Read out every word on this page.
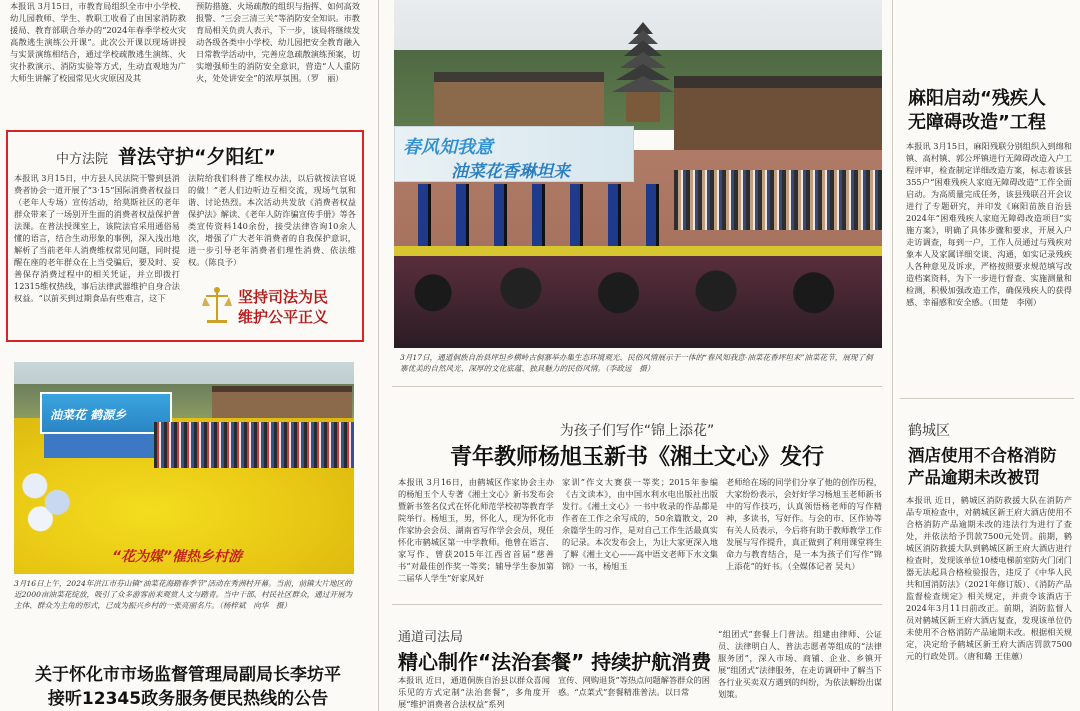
本报讯 3月15日，市教育局组织全市中小学校、幼儿园教师、学生、教职工收看了由国家消防救援局、教育部联合举办的“2024年春季学校火灾高散逃生演练公开课”。此次公开课以现场讲授与实景演练相结合，通过学校疏散逃生演练、火灾扑救演示、消防实验等方式，生动直观地为广大师生讲解了校园常见火灾原因及其
预防措施、火场疏散的组织与指挥、如何高效报警、“三会三清三关”等消防安全知识。市教育局相关负责人表示，下一步，该局将继续发动各级各类中小学校、幼儿园把安全教育融入日常教学活动中，完善应急疏散演练预案，切实增强师生的消防安全意识，营造“人人重防火，处处讲安全”的浓厚氛围。（罗　丽）
中方法院 普法守护“夕阳红”
本报讯 3月15日，中方县人民法院干警到县消费者协会一道开展了“3·15”国际消费者权益日（老年人专场）宣传活动，给莫斯社区的老年群众带来了一场别开生面的消费者权益保护普法课。在普法授课室上，该院法官采用通俗易懂的语言，结合生动形象的事例，深入浅出地解析了当前老年人消费维权常见问题，同时提醒在座的老年群众在上当受骗后，要及时、妥善保存消费过程中的相关凭证，并立即拨打12315维权热线，事后法律武器维护自身合法权益。“以前买到过期食品有些难言，这下
法院给我们科普了维权办法，以后就按法官说的做！”老人们边听边互相交流，现场气氛和谐、讨论热烈。本次活动共发放《消费者权益保护法》解读、《老年人防诈骗宣传手册》等各类宣传资料140余份，接受法律咨询10余人次，增强了广大老年消费者的自我保护意识，进一步引导老年消费者们理性消费、依法维权。（陈良予）
坚持司法为民
维护公平正义
油菜花 鹤源乡
“花为媒”催热乡村游
3月16日上午，2024年洪江市芬山镇“油菜花海踏春季节”活动在秀洲村开幕。当前，前镇大片地区的近2000亩油菜花绽放，吸引了众多游客前来观赏人文与踏青。当中干部、村民社区群众，通过开展为主体、群众为主角的形式，已成为振兴乡村的一张亮丽名片。（杨梓斌　向华　摄）
关于怀化市市场监督管理局副局长李坊平
接听12345政务服务便民热线的公告
春风知我意
油菜花香琳坦来
3月17日，通道侗族自治县坪坦乡横岭古侗寨举办集生态环境观光、民俗风情展示于一体的“春风知我意·油菜花香坪坦来”油菜花节，展现了侗寨优美的自然风光、深厚的文化底蕴、独具魅力的民俗风情。（李政远　摄）
为孩子们写作“锦上添花”
青年教师杨旭玉新书《湘土文心》发行
本报讯 3月16日，由鹤城区作家协会主办的杨旭玉个人专著《湘土文心》新书发布会暨新书签名仪式在怀化师范学校初等教育学院举行。杨旭玉，男，怀化人，现为怀化市作家协会会员、湖南省写作学会会员，现任怀化市鹤城区第一中学教师。他曾在语言、家写作、曾获2015年江西省首届“慈善书”对最佳创作奖一等奖；辅导学生参加第二届华人学生”好家风好
家训”作文大赛获一等奖；2015年参编《古文读本》，由中国水利水电出版社出版发行。《湘土文心》一书中收录的作品都是作者在工作之余写成的，50余篇散文，20余篇学生的习作，是对自己工作生活最真实的记录。本次发布会上，为让大家更深入地了解《湘土文心——高中语文老师下水文集锦》一书，杨旭玉
老师给在场的同学们分享了他的创作历程，大家纷纷表示，会好好学习杨旭玉老师新书中的写作技巧，认真领悟杨老师的写作精神，多读书，写好作。与会的市、区作协等有关人员表示，今后将有助于教师教学工作发展与写作提升，真正做到了利用课堂将生命力与教育结合，是一本为孩子们写作“锦上添花”的好书。（全媒体记者 吴丸）
通道司法局
精心制作“法治套餐” 持续护航消费
本报讯 近日，通道侗族自治县以群众喜闻乐见的方式定制“法治套餐”，多角度开展“维护消费者合法权益”系列
宣传、网购退货”等热点问题解答群众的困惑。“点菜式”套餐精准普法。以日常
“组团式”套餐上门普法。组建由律师、公证员、法律明白人、普法志愿者等组成的“法律服务团”，深入市场、商铺、企业、乡镇开展“组团式”法律服务，在走访调研中了解当下各行业买卖双方遇到的纠纷，为依法解纷出谋划策。
麻阳启动“残疾人
无障碍改造”工程
本报讯 3月15日，麻阳残联分别组织入到绵和镇、高村镇、郭公坪镇进行无障碍改造入户工程评审，检查制定详细改造方案，标志着该县355户“困难残疾人家庭无障碍改造”工作全面启动。为高质量完成任务，该县残联召开会议进行了专题研究，并印发《麻阳苗族自治县2024年“困难残疾人家庭无障碍改造项目”实施方案》，明确了具体步骤和要求，开展入户走访调查，每到一户，工作人员通过与残疾对象本人及家属详细交谈、沟通，如实记录残疾人各种意见及诉求，严格按照要求规范填写改造档案资料，为下一步进行督查、实施测量和检测，积极加强改造工作，确保残疾人的获得感、幸福感和安全感。（田楚　李刚）
鹤城区
酒店使用不合格消防
产品逾期未改被罚
本报讯 近日，鹤城区消防救援大队在消防产品专项检查中，对鹤城区新王府大酒店使用不合格消防产品逾期未改的违法行为进行了查处，并依法给予罚款7500元处罚。前期，鹤城区消防救援大队到鹤城区新王府大酒店进行检查时，发现该单位10楼电梯前室防火门闭门器无法起具合格检验报告，违反了《中华人民共和国消防法》（2021年修订版）、《消防产品监督检查规定》相关规定，并责令该酒店于2024年3月11日前改正。前期，消防监督人员对鹤城区新王府大酒店复查，发现该单位仍未使用不合格消防产品逾期未改。根据相关规定，决定给予鹤城区新王府大酒店罚款7500元的行政处罚。（唐和璐 王佳蕙）
